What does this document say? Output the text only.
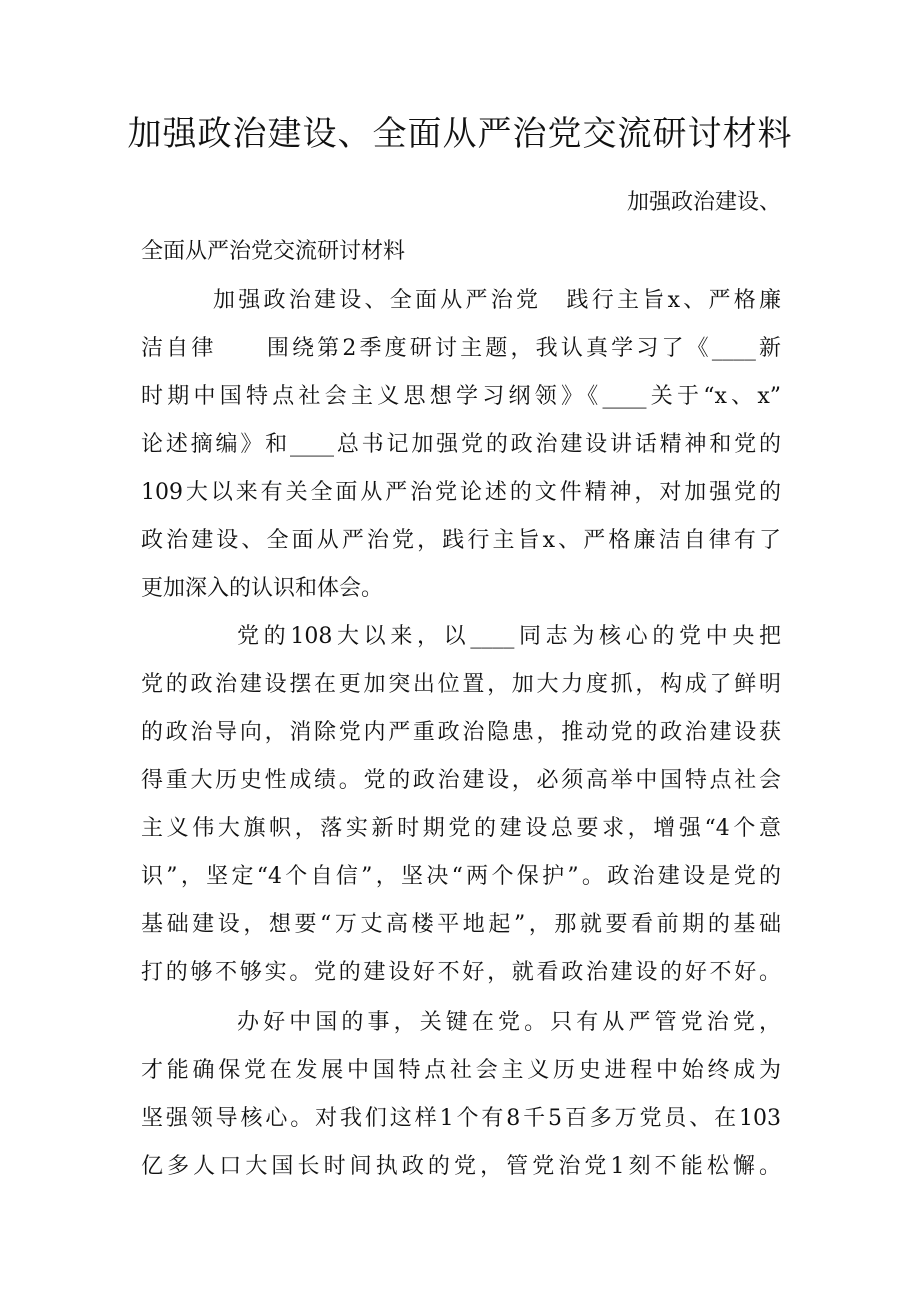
加强政治建设、全面从严治党交流研讨材料

加强政治建设、

全面从严治党交流研讨材料

加强政治建设、全面从严治党　践行主旨x、严格廉

洁自律　　围绕第2季度研讨主题，我认真学习了《____新

时期中国特点社会主义思想学习纲领》《____关于“x、x”

论述摘编》和____总书记加强党的政治建设讲话精神和党的

109大以来有关全面从严治党论述的文件精神，对加强党的

政治建设、全面从严治党，践行主旨x、严格廉洁自律有了

更加深入的认识和体会。

党的108大以来，以____同志为核心的党中央把

党的政治建设摆在更加突出位置，加大力度抓，构成了鲜明

的政治导向，消除党内严重政治隐患，推动党的政治建设获

得重大历史性成绩。党的政治建设，必须高举中国特点社会

主义伟大旗帜，落实新时期党的建设总要求，增强“4个意

识”，坚定“4个自信”，坚决“两个保护”。政治建设是党的

基础建设，想要“万丈高楼平地起”，那就要看前期的基础

打的够不够实。党的建设好不好，就看政治建设的好不好。

办好中国的事，关键在党。只有从严管党治党，

才能确保党在发展中国特点社会主义历史进程中始终成为

坚强领导核心。对我们这样1个有8千5百多万党员、在103

亿多人口大国长时间执政的党，管党治党1刻不能松懈。
